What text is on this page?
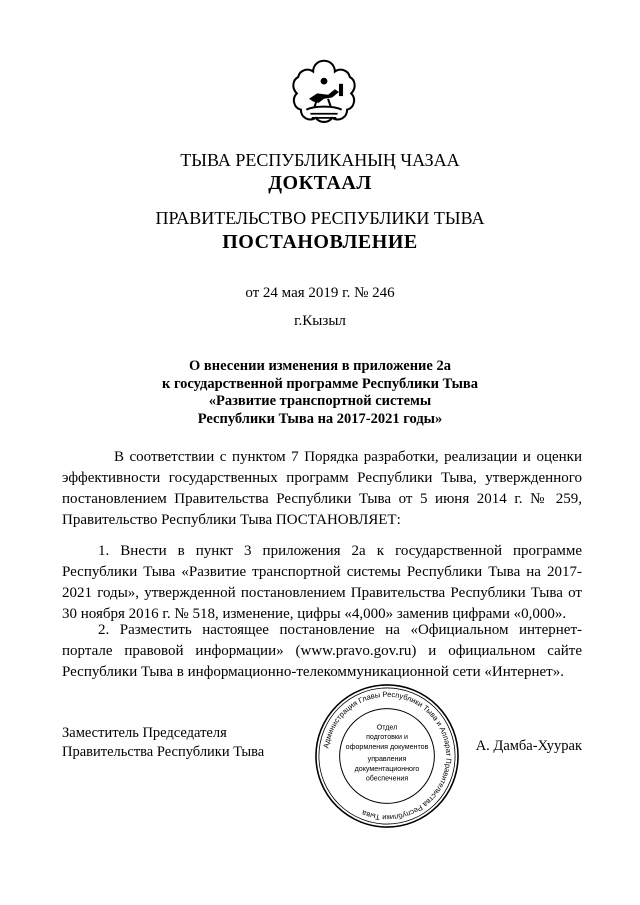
ТЫВА РЕСПУБЛИКАНЫҢ ЧАЗАА
ДОКТААЛ
ПРАВИТЕЛЬСТВО РЕСПУБЛИКИ ТЫВА
ПОСТАНОВЛЕНИЕ
от 24 мая 2019 г. № 246
г.Кызыл
О внесении изменения в приложение 2а
к государственной программе Республики Тыва
«Развитие транспортной системы
Республики Тыва на 2017-2021 годы»

В соответствии с пунктом 7 Порядка разработки, реализации и оценки эффективности государственных программ Республики Тыва, утвержденного постановлением Правительства Республики Тыва от 5 июня 2014 г. № 259, Правительство Республики Тыва ПОСТАНОВЛЯЕТ:

1. Внести в пункт 3 приложения 2а к государственной программе Республики Тыва «Развитие транспортной системы Республики Тыва на 2017-2021 годы», утвержденной постановлением Правительства Республики Тыва от 30 ноября 2016 г. № 518, изменение, цифры «4,000» заменив цифрами «0,000».

2. Разместить настоящее постановление на «Официальном интернет-портале правовой информации» (www.pravo.gov.ru) и официальном сайте Республики Тыва в информационно-телекоммуникационной сети «Интернет».

Заместитель Председателя
Правительства Республики Тыва	Администрация Главы Республики Тыва и Аппарат Правительства Республики Тыва
Отдел
подготовки и
оформления документов
управления
документационного
обеспечения
А. Дамба-Хуурак
